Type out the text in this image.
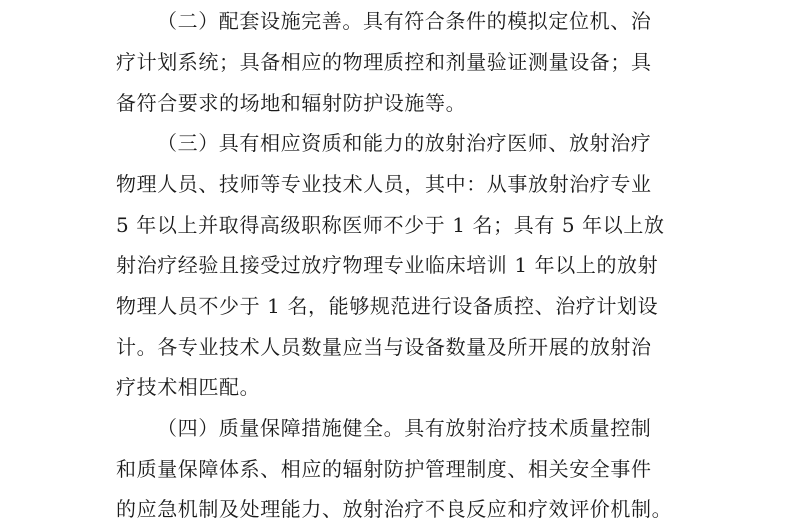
（二）配套设施完善。具有符合条件的模拟定位机、治
疗计划系统；具备相应的物理质控和剂量验证测量设备；具
备符合要求的场地和辐射防护设施等。
（三）具有相应资质和能力的放射治疗医师、放射治疗
物理人员、技师等专业技术人员，其中：从事放射治疗专业
5 年以上并取得高级职称医师不少于 1 名；具有 5 年以上放
射治疗经验且接受过放疗物理专业临床培训 1 年以上的放射
物理人员不少于 1 名，能够规范进行设备质控、治疗计划设
计。各专业技术人员数量应当与设备数量及所开展的放射治
疗技术相匹配。
（四）质量保障措施健全。具有放射治疗技术质量控制
和质量保障体系、相应的辐射防护管理制度、相关安全事件
的应急机制及处理能力、放射治疗不良反应和疗效评价机制。
